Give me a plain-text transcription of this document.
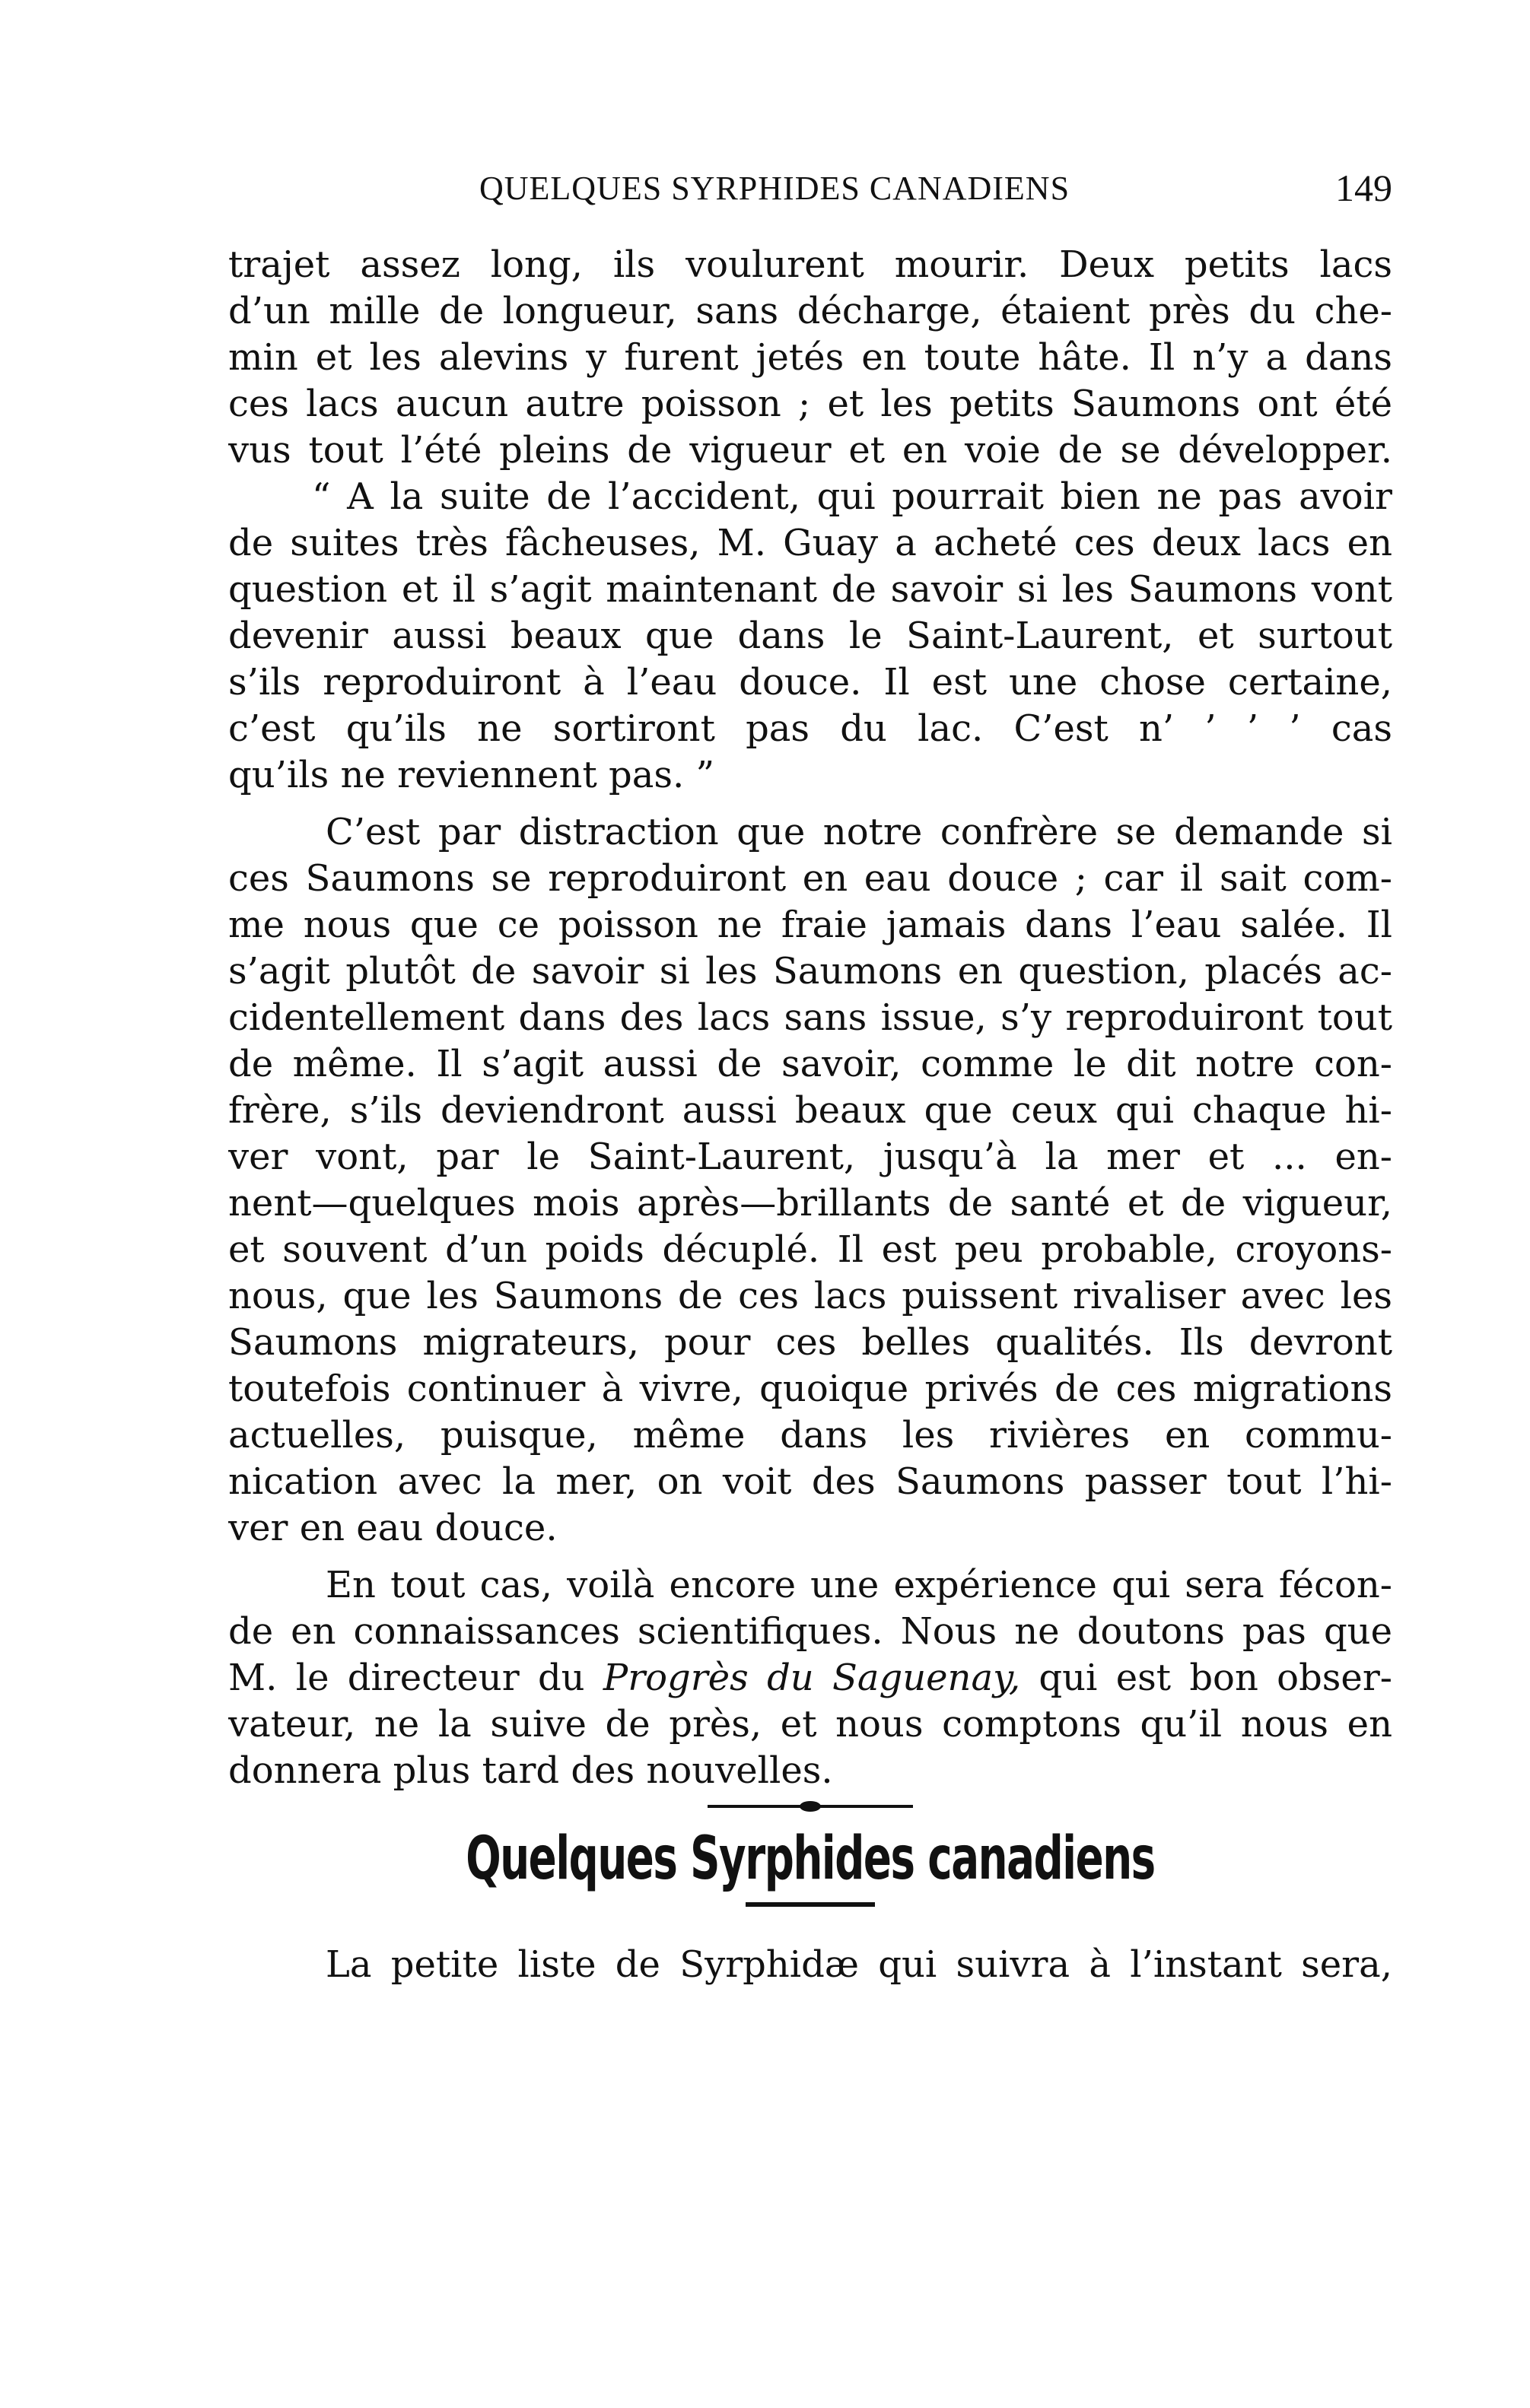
QUELQUES SYRPHIDES CANADIENS	149
trajet assez long, ils voulurent mourir. Deux petits lacs
d’un mille de longueur, sans décharge, étaient près du che-
min et les alevins y furent jetés en toute hâte. Il n’y a dans
ces lacs aucun autre poisson ; et les petits Saumons ont été
vus tout l’été pleins de vigueur et en voie de se développer.
“ A la suite de l’accident, qui pourrait bien ne pas avoir
de suites très fâcheuses, M. Guay a acheté ces deux lacs en
question et il s’agit maintenant de savoir si les Saumons vont
devenir aussi beaux que dans le Saint-Laurent, et surtout
s’ils reproduiront à l’eau douce. Il est une chose certaine,
c’est qu’ils ne sortiront pas du lac. C’est n’ ’ ’ ’ cas
qu’ils ne reviennent pas. ”
C’est par distraction que notre confrère se demande si
ces Saumons se reproduiront en eau douce ; car il sait com-
me nous que ce poisson ne fraie jamais dans l’eau salée. Il
s’agit plutôt de savoir si les Saumons en question, placés ac-
cidentellement dans des lacs sans issue, s’y reproduiront tout
de même. Il s’agit aussi de savoir, comme le dit notre con-
frère, s’ils deviendront aussi beaux que ceux qui chaque hi-
ver vont, par le Saint-Laurent, jusqu’à la mer et ... en-
nent—quelques mois après—brillants de santé et de vigueur,
et souvent d’un poids décuplé. Il est peu probable, croyons-
nous, que les Saumons de ces lacs puissent rivaliser avec les
Saumons migrateurs, pour ces belles qualités. Ils devront
toutefois continuer à vivre, quoique privés de ces migrations
actuelles, puisque, même dans les rivières en commu-
nication avec la mer, on voit des Saumons passer tout l’hi-
ver en eau douce.
En tout cas, voilà encore une expérience qui sera fécon-
de en connaissances scientifiques. Nous ne doutons pas que
M. le directeur du Progrès du Saguenay, qui est bon obser-
vateur, ne la suive de près, et nous comptons qu’il nous en
donnera plus tard des nouvelles.
Quelques Syrphides canadiens
La petite liste de Syrphidæ qui suivra à l’instant sera,
